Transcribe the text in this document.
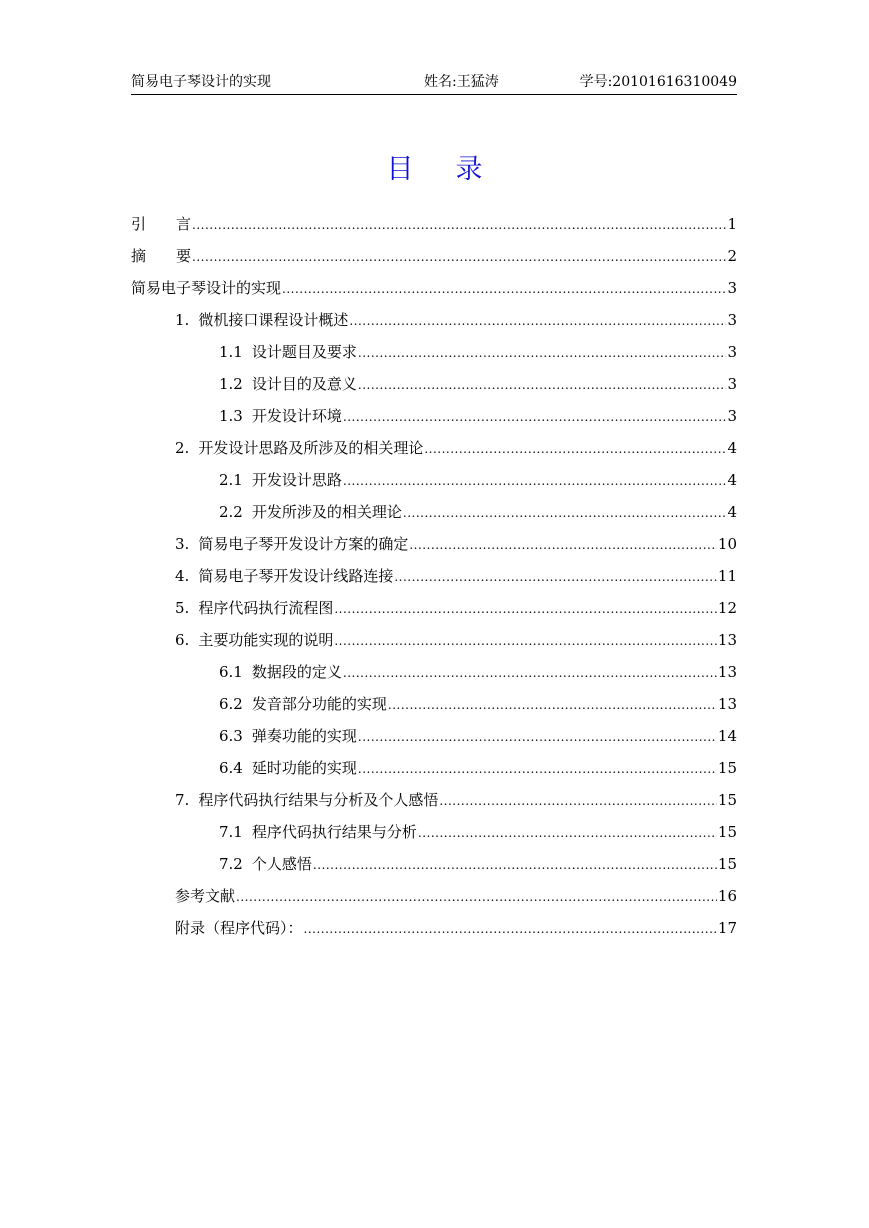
简易电子琴设计的实现	姓名:王猛涛	学号:20101616310049
目 录
引 言 .....	1
摘 要 .....	2
简易电子琴设计的实现 .....	3
1. 微机接口课程设计概述 .....	3
1.1 设计题目及要求 .....	3
1.2 设计目的及意义 .....	3
1.3 开发设计环境 .....	3
2. 开发设计思路及所涉及的相关理论 .....	4
2.1 开发设计思路 .....	4
2.2 开发所涉及的相关理论 .....	4
3. 简易电子琴开发设计方案的确定 .....	10
4. 简易电子琴开发设计线路连接 .....	11
5. 程序代码执行流程图 .....	12
6. 主要功能实现的说明 .....	13
6.1 数据段的定义 .....	13
6.2 发音部分功能的实现 .....	13
6.3 弹奏功能的实现 .....	14
6.4 延时功能的实现 .....	15
7. 程序代码执行结果与分析及个人感悟 .....	15
7.1 程序代码执行结果与分析 .....	15
7.2 个人感悟 .....	15
参考文献 .....	16
附录（程序代码）： .....	17
